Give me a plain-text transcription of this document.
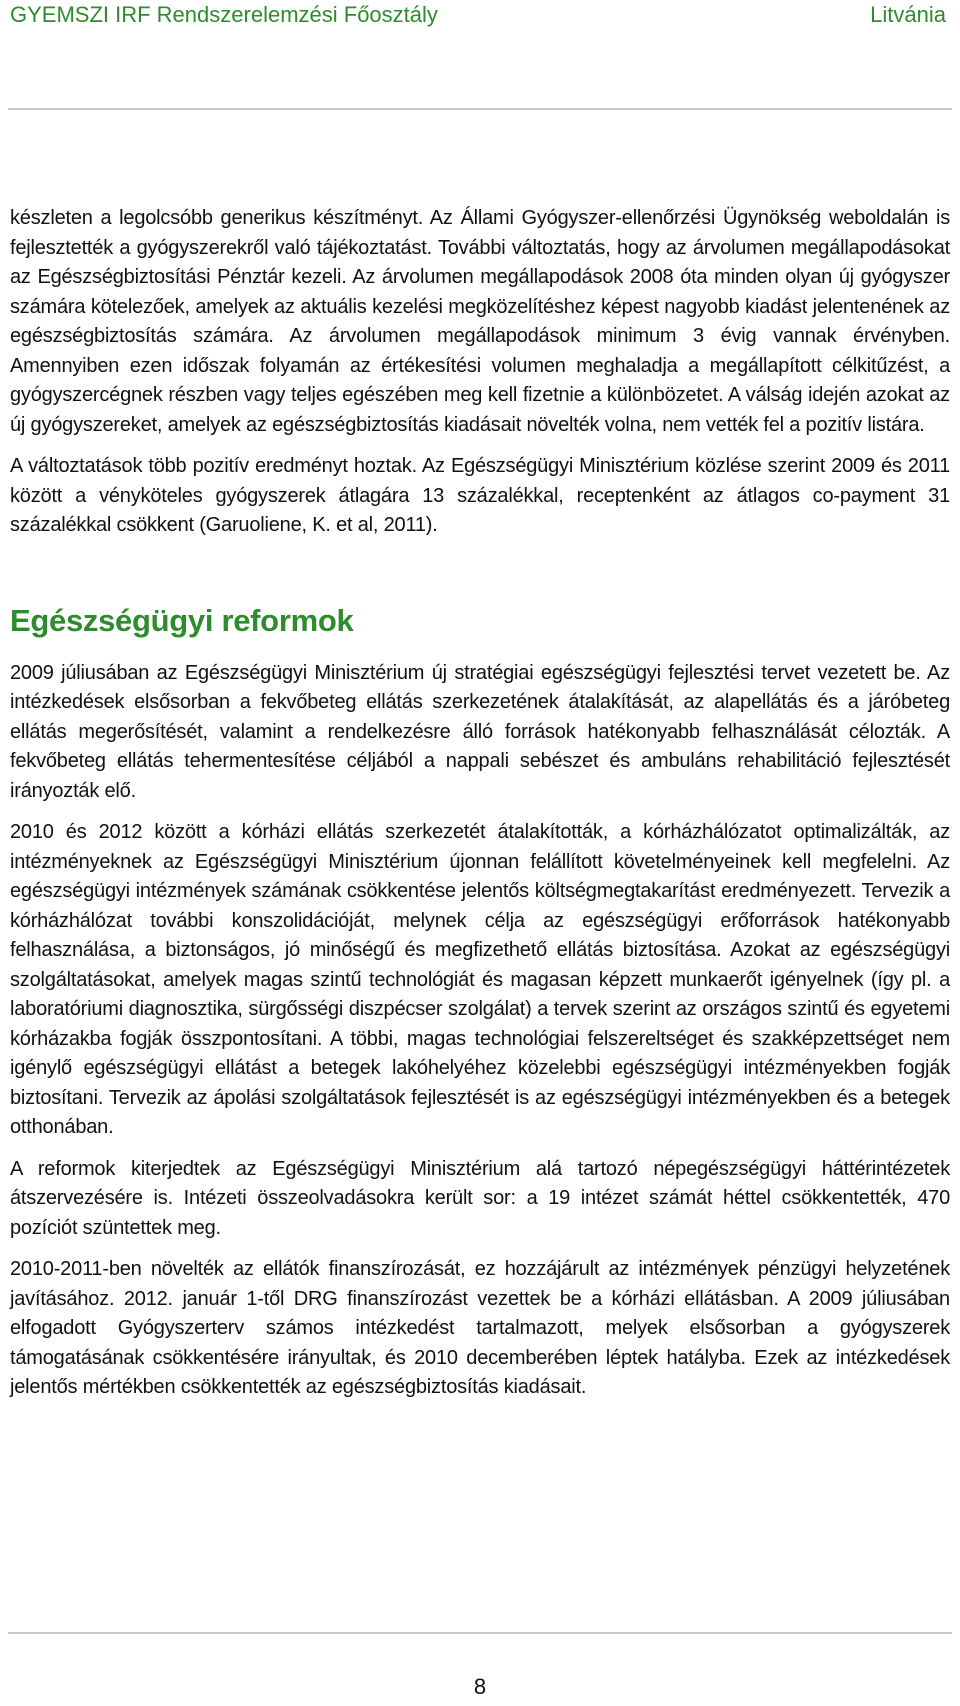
GYEMSZI IRF Rendszerelemzési Főosztály	Litvánia

készleten a legolcsóbb generikus készítményt. Az Állami Gyógyszer-ellenőrzési Ügynökség weboldalán is fejlesztették a gyógyszerekről való tájékoztatást. További változtatás, hogy az árvolumen megállapodásokat az Egészségbiztosítási Pénztár kezeli. Az árvolumen megállapodások 2008 óta minden olyan új gyógyszer számára kötelezőek, amelyek az aktuális kezelési megközelítéshez képest nagyobb kiadást jelentenének az egészségbiztosítás számára. Az árvolumen megállapodások minimum 3 évig vannak érvényben. Amennyiben ezen időszak folyamán az értékesítési volumen meghaladja a megállapított célkitűzést, a gyógyszercégnek részben vagy teljes egészében meg kell fizetnie a különbözetet. A válság idején azokat az új gyógyszereket, amelyek az egészségbiztosítás kiadásait növelték volna, nem vették fel a pozitív listára.

A változtatások több pozitív eredményt hoztak. Az Egészségügyi Minisztérium közlése szerint 2009 és 2011 között a vényköteles gyógyszerek átlagára 13 százalékkal, receptenként az átlagos co-payment 31 százalékkal csökkent (Garuoliene, K. et al, 2011).

Egészségügyi reformok

2009 júliusában az Egészségügyi Minisztérium új stratégiai egészségügyi fejlesztési tervet vezetett be. Az intézkedések elsősorban a fekvőbeteg ellátás szerkezetének átalakítását, az alapellátás és a járóbeteg ellátás megerősítését, valamint a rendelkezésre álló források hatékonyabb felhasználását célozták. A fekvőbeteg ellátás tehermentesítése céljából a nappali sebészet és ambuláns rehabilitáció fejlesztését irányozták elő.

2010 és 2012 között a kórházi ellátás szerkezetét átalakították, a kórházhálózatot optimalizálták, az intézményeknek az Egészségügyi Minisztérium újonnan felállított követelményeinek kell megfelelni. Az egészségügyi intézmények számának csökkentése jelentős költségmegtakarítást eredményezett. Tervezik a kórházhálózat további konszolidációját, melynek célja az egészségügyi erőforrások hatékonyabb felhasználása, a biztonságos, jó minőségű és megfizethető ellátás biztosítása. Azokat az egészségügyi szolgáltatásokat, amelyek magas szintű technológiát és magasan képzett munkaerőt igényelnek (így pl. a laboratóriumi diagnosztika, sürgősségi diszpécser szolgálat) a tervek szerint az országos szintű és egyetemi kórházakba fogják összpontosítani. A többi, magas technológiai felszereltséget és szakképzettséget nem igénylő egészségügyi ellátást a betegek lakóhelyéhez közelebbi egészségügyi intézményekben fogják biztosítani. Tervezik az ápolási szolgáltatások fejlesztését is az egészségügyi intézményekben és a betegek otthonában.

A reformok kiterjedtek az Egészségügyi Minisztérium alá tartozó népegészségügyi háttérintézetek átszervezésére is. Intézeti összeolvadásokra került sor: a 19 intézet számát héttel csökkentették, 470 pozíciót szüntettek meg.

2010-2011-ben növelték az ellátók finanszírozását, ez hozzájárult az intézmények pénzügyi helyzetének javításához. 2012. január 1-től DRG finanszírozást vezettek be a kórházi ellátásban. A 2009 júliusában elfogadott Gyógyszerterv számos intézkedést tartalmazott, melyek elsősorban a gyógyszerek támogatásának csökkentésére irányultak, és 2010 decemberében léptek hatályba. Ezek az intézkedések jelentős mértékben csökkentették az egészségbiztosítás kiadásait.

8
